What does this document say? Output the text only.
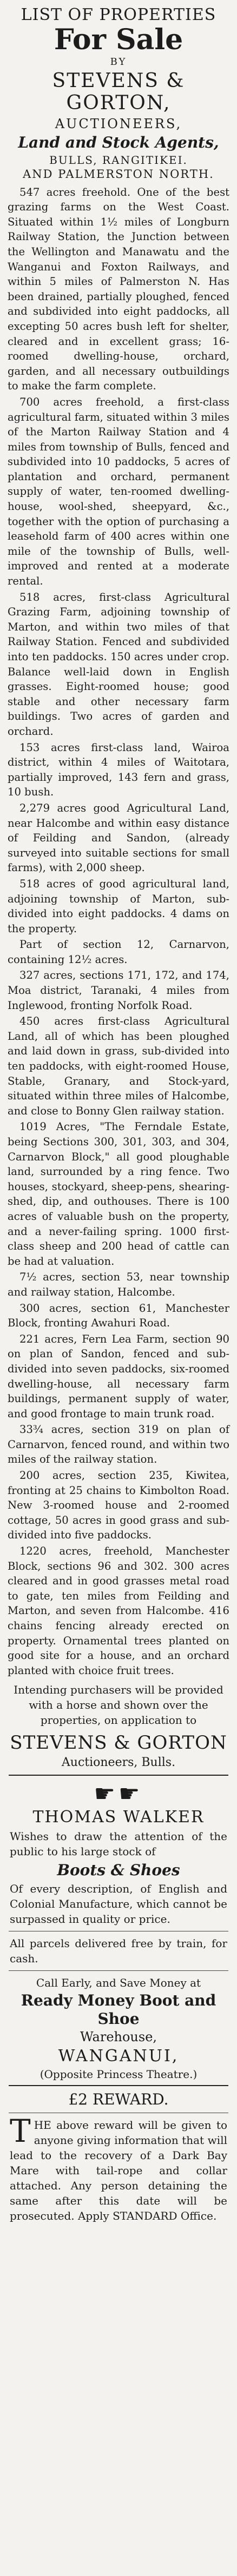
LIST OF PROPERTIES
For Sale
BY
STEVENS & GORTON,
AUCTIONEERS,
Land and Stock Agents,
BULLS, RANGITIKEI.
AND PALMERSTON NORTH.

547 acres freehold. One of the best grazing farms on the West Coast. Situated within 1½ miles of Longburn Railway Station, the Junction between the Wellington and Manawatu and the Wanganui and Foxton Railways, and within 5 miles of Palmerston N. Has been drained, partially ploughed, fenced and subdivided into eight paddocks, all excepting 50 acres bush left for shelter, cleared and in excellent grass; 16-roomed dwelling-house, orchard, garden, and all necessary outbuildings to make the farm complete.

700 acres freehold, a first-class agricultural farm, situated within 3 miles of the Marton Railway Station and 4 miles from township of Bulls, fenced and subdivided into 10 paddocks, 5 acres of plantation and orchard, permanent supply of water, ten-roomed dwelling-house, wool-shed, sheepyard, &c., together with the option of purchasing a leasehold farm of 400 acres within one mile of the township of Bulls, well-improved and rented at a moderate rental.

518 acres, first-class Agricultural Grazing Farm, adjoining township of Marton, and within two miles of that Railway Station. Fenced and subdivided into ten paddocks. 150 acres under crop. Balance well-laid down in English grasses. Eight-roomed house; good stable and other necessary farm buildings. Two acres of garden and orchard.

153 acres first-class land, Wairoa district, within 4 miles of Waitotara, partially improved, 143 fern and grass, 10 bush.

2,279 acres good Agricultural Land, near Halcombe and within easy distance of Feilding and Sandon, (already surveyed into suitable sections for small farms), with 2,000 sheep.

518 acres of good agricultural land, adjoining township of Marton, sub-divided into eight paddocks. 4 dams on the property.

Part of section 12, Carnarvon, containing 12½ acres.

327 acres, sections 171, 172, and 174, Moa district, Taranaki, 4 miles from Inglewood, fronting Norfolk Road.

450 acres first-class Agricultural Land, all of which has been ploughed and laid down in grass, sub-divided into ten paddocks, with eight-roomed House, Stable, Granary, and Stock-yard, situated within three miles of Halcombe, and close to Bonny Glen railway station.

1019 Acres, "The Ferndale Estate, being Sections 300, 301, 303, and 304, Carnarvon Block," all good ploughable land, surrounded by a ring fence. Two houses, stockyard, sheep-pens, shearing-shed, dip, and outhouses. There is 100 acres of valuable bush on the property, and a never-failing spring. 1000 first-class sheep and 200 head of cattle can be had at valuation.

7½ acres, section 53, near township and railway station, Halcombe.

300 acres, section 61, Manchester Block, fronting Awahuri Road.

221 acres, Fern Lea Farm, section 90 on plan of Sandon, fenced and sub-divided into seven paddocks, six-roomed dwelling-house, all necessary farm buildings, permanent supply of water, and good frontage to main trunk road.

33¾ acres, section 319 on plan of Carnarvon, fenced round, and within two miles of the railway station.

200 acres, section 235, Kiwitea, fronting at 25 chains to Kimbolton Road. New 3-roomed house and 2-roomed cottage, 50 acres in good grass and sub-divided into five paddocks.

1220 acres, freehold, Manchester Block, sections 96 and 302. 300 acres cleared and in good grasses metal road to gate, ten miles from Feilding and Marton, and seven from Halcombe. 416 chains fencing already erected on property. Ornamental trees planted on good site for a house, and an orchard planted with choice fruit trees.

Intending purchasers will be provided with a horse and shown over the properties, on application to

STEVENS & GORTON
Auctioneers, Bulls.
☛☛
THOMAS WALKER

Wishes to draw the attention of the public to his large stock of

Boots & Shoes

Of every description, of English and Colonial Manufacture, which cannot be surpassed in quality or price.

All parcels delivered free by train, for cash.

Call Early, and Save Money at

Ready Money Boot and Shoe
Warehouse,
WANGANUI,
(Opposite Princess Theatre.)
£2 REWARD.

T HE above reward will be given to anyone giving information that will lead to the recovery of a Dark Bay Mare with tail-rope and collar attached. Any person detaining the same after this date will be prosecuted. Apply STANDARD Office.
